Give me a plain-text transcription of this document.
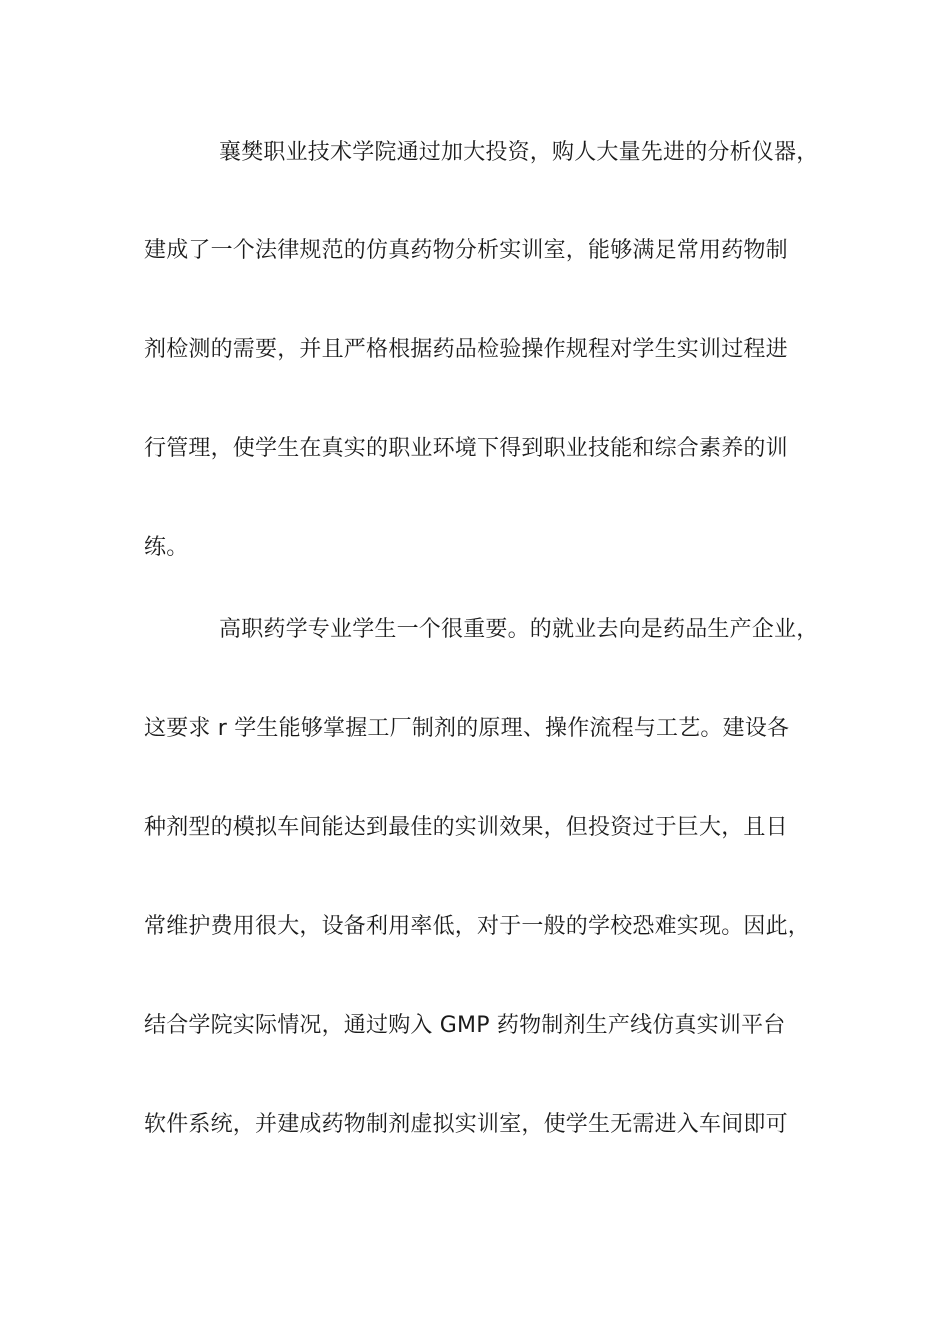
襄樊职业技术学院通过加大投资，购人大量先进的分析仪器，
建成了一个法律规范的仿真药物分析实训室，能够满足常用药物制
剂检测的需要，并且严格根据药品检验操作规程对学生实训过程进
行管理，使学生在真实的职业环境下得到职业技能和综合素养的训
练。
高职药学专业学生一个很重要。的就业去向是药品生产企业，
这要求 r 学生能够掌握工厂制剂的原理、操作流程与工艺。建设各
种剂型的模拟车间能达到最佳的实训效果，但投资过于巨大，且日
常维护费用很大，设备利用率低，对于一般的学校恐难实现。因此，
结合学院实际情况，通过购入 GMP 药物制剂生产线仿真实训平台
软件系统，并建成药物制剂虚拟实训室，使学生无需进入车间即可
